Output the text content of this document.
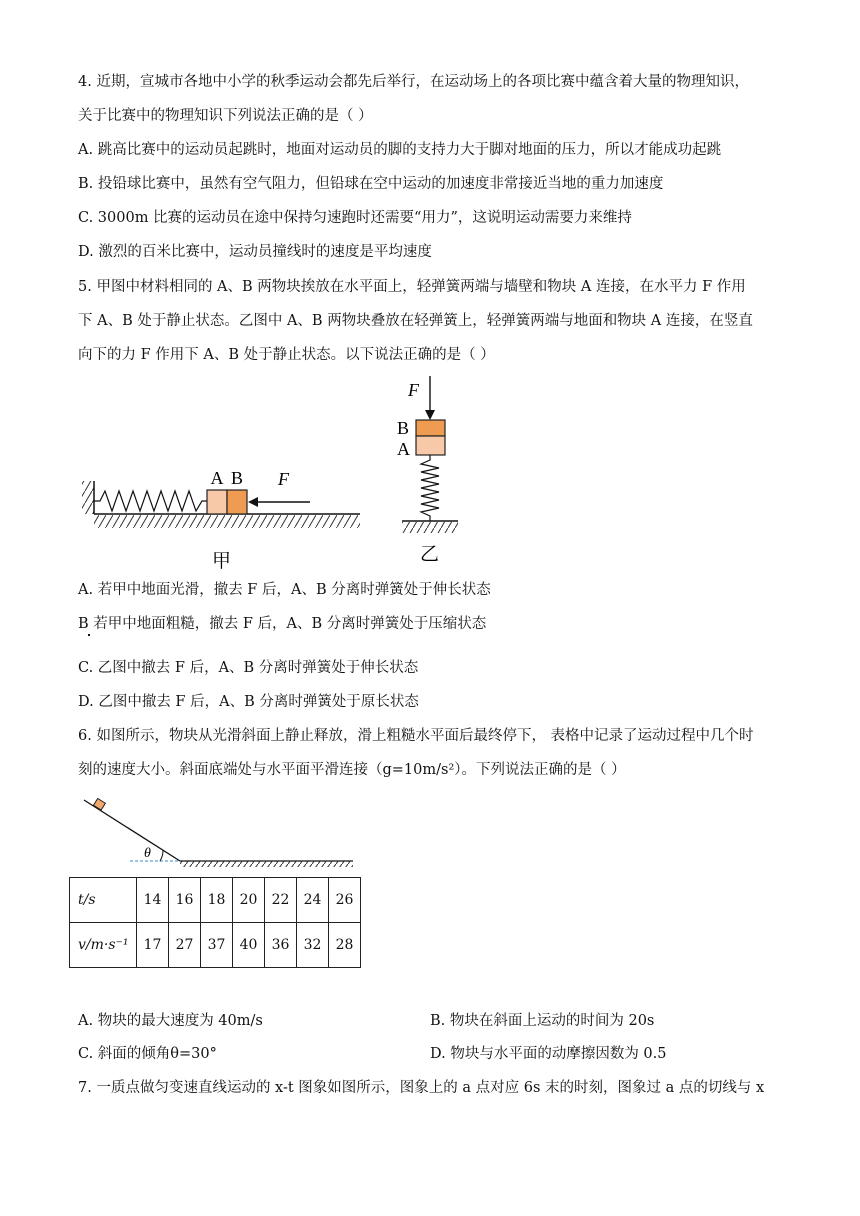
4. 近期，宣城市各地中小学的秋季运动会都先后举行，在运动场上的各项比赛中蕴含着大量的物理知识，
关于比赛中的物理知识下列说法正确的是（ ）
A. 跳高比赛中的运动员起跳时，地面对运动员的脚的支持力大于脚对地面的压力，所以才能成功起跳
B. 投铅球比赛中，虽然有空气阻力，但铅球在空中运动的加速度非常接近当地的重力加速度
C. 3000m 比赛的运动员在途中保持匀速跑时还需要“用力”，这说明运动需要力来维持
D. 激烈的百米比赛中，运动员撞线时的速度是平均速度
5. 甲图中材料相同的 A、B 两物块挨放在水平面上，轻弹簧两端与墙壁和物块 A 连接，在水平力 F 作用
下 A、B 处于静止状态。乙图中 A、B 两物块叠放在轻弹簧上，轻弹簧两端与地面和物块 A 连接，在竖直
向下的力 F 作用下 A、B 处于静止状态。以下说法正确的是（ ）
A B F
甲
F
B
A
乙
A. 若甲中地面光滑，撤去 F 后，A、B 分离时弹簧处于伸长状态
B 若甲中地面粗糙，撤去 F 后，A、B 分离时弹簧处于压缩状态
C. 乙图中撤去 F 后，A、B 分离时弹簧处于伸长状态
D. 乙图中撤去 F 后，A、B 分离时弹簧处于原长状态
6. 如图所示，物块从光滑斜面上静止释放，滑上粗糙水平面后最终停下， 表格中记录了运动过程中几个时
刻的速度大小。斜面底端处与水平面平滑连接（g=10m/s²）。下列说法正确的是（ ）
θ
t/s	14	16	18	20	22	24	26
v/m·s⁻¹	17	27	37	40	36	32	28
A. 物块的最大速度为 40m/s	B. 物块在斜面上运动的时间为 20s
C. 斜面的倾角θ=30°	D. 物块与水平面的动摩擦因数为 0.5
7. 一质点做匀变速直线运动的 x-t 图象如图所示，图象上的 a 点对应 6s 末的时刻，图象过 a 点的切线与 x
